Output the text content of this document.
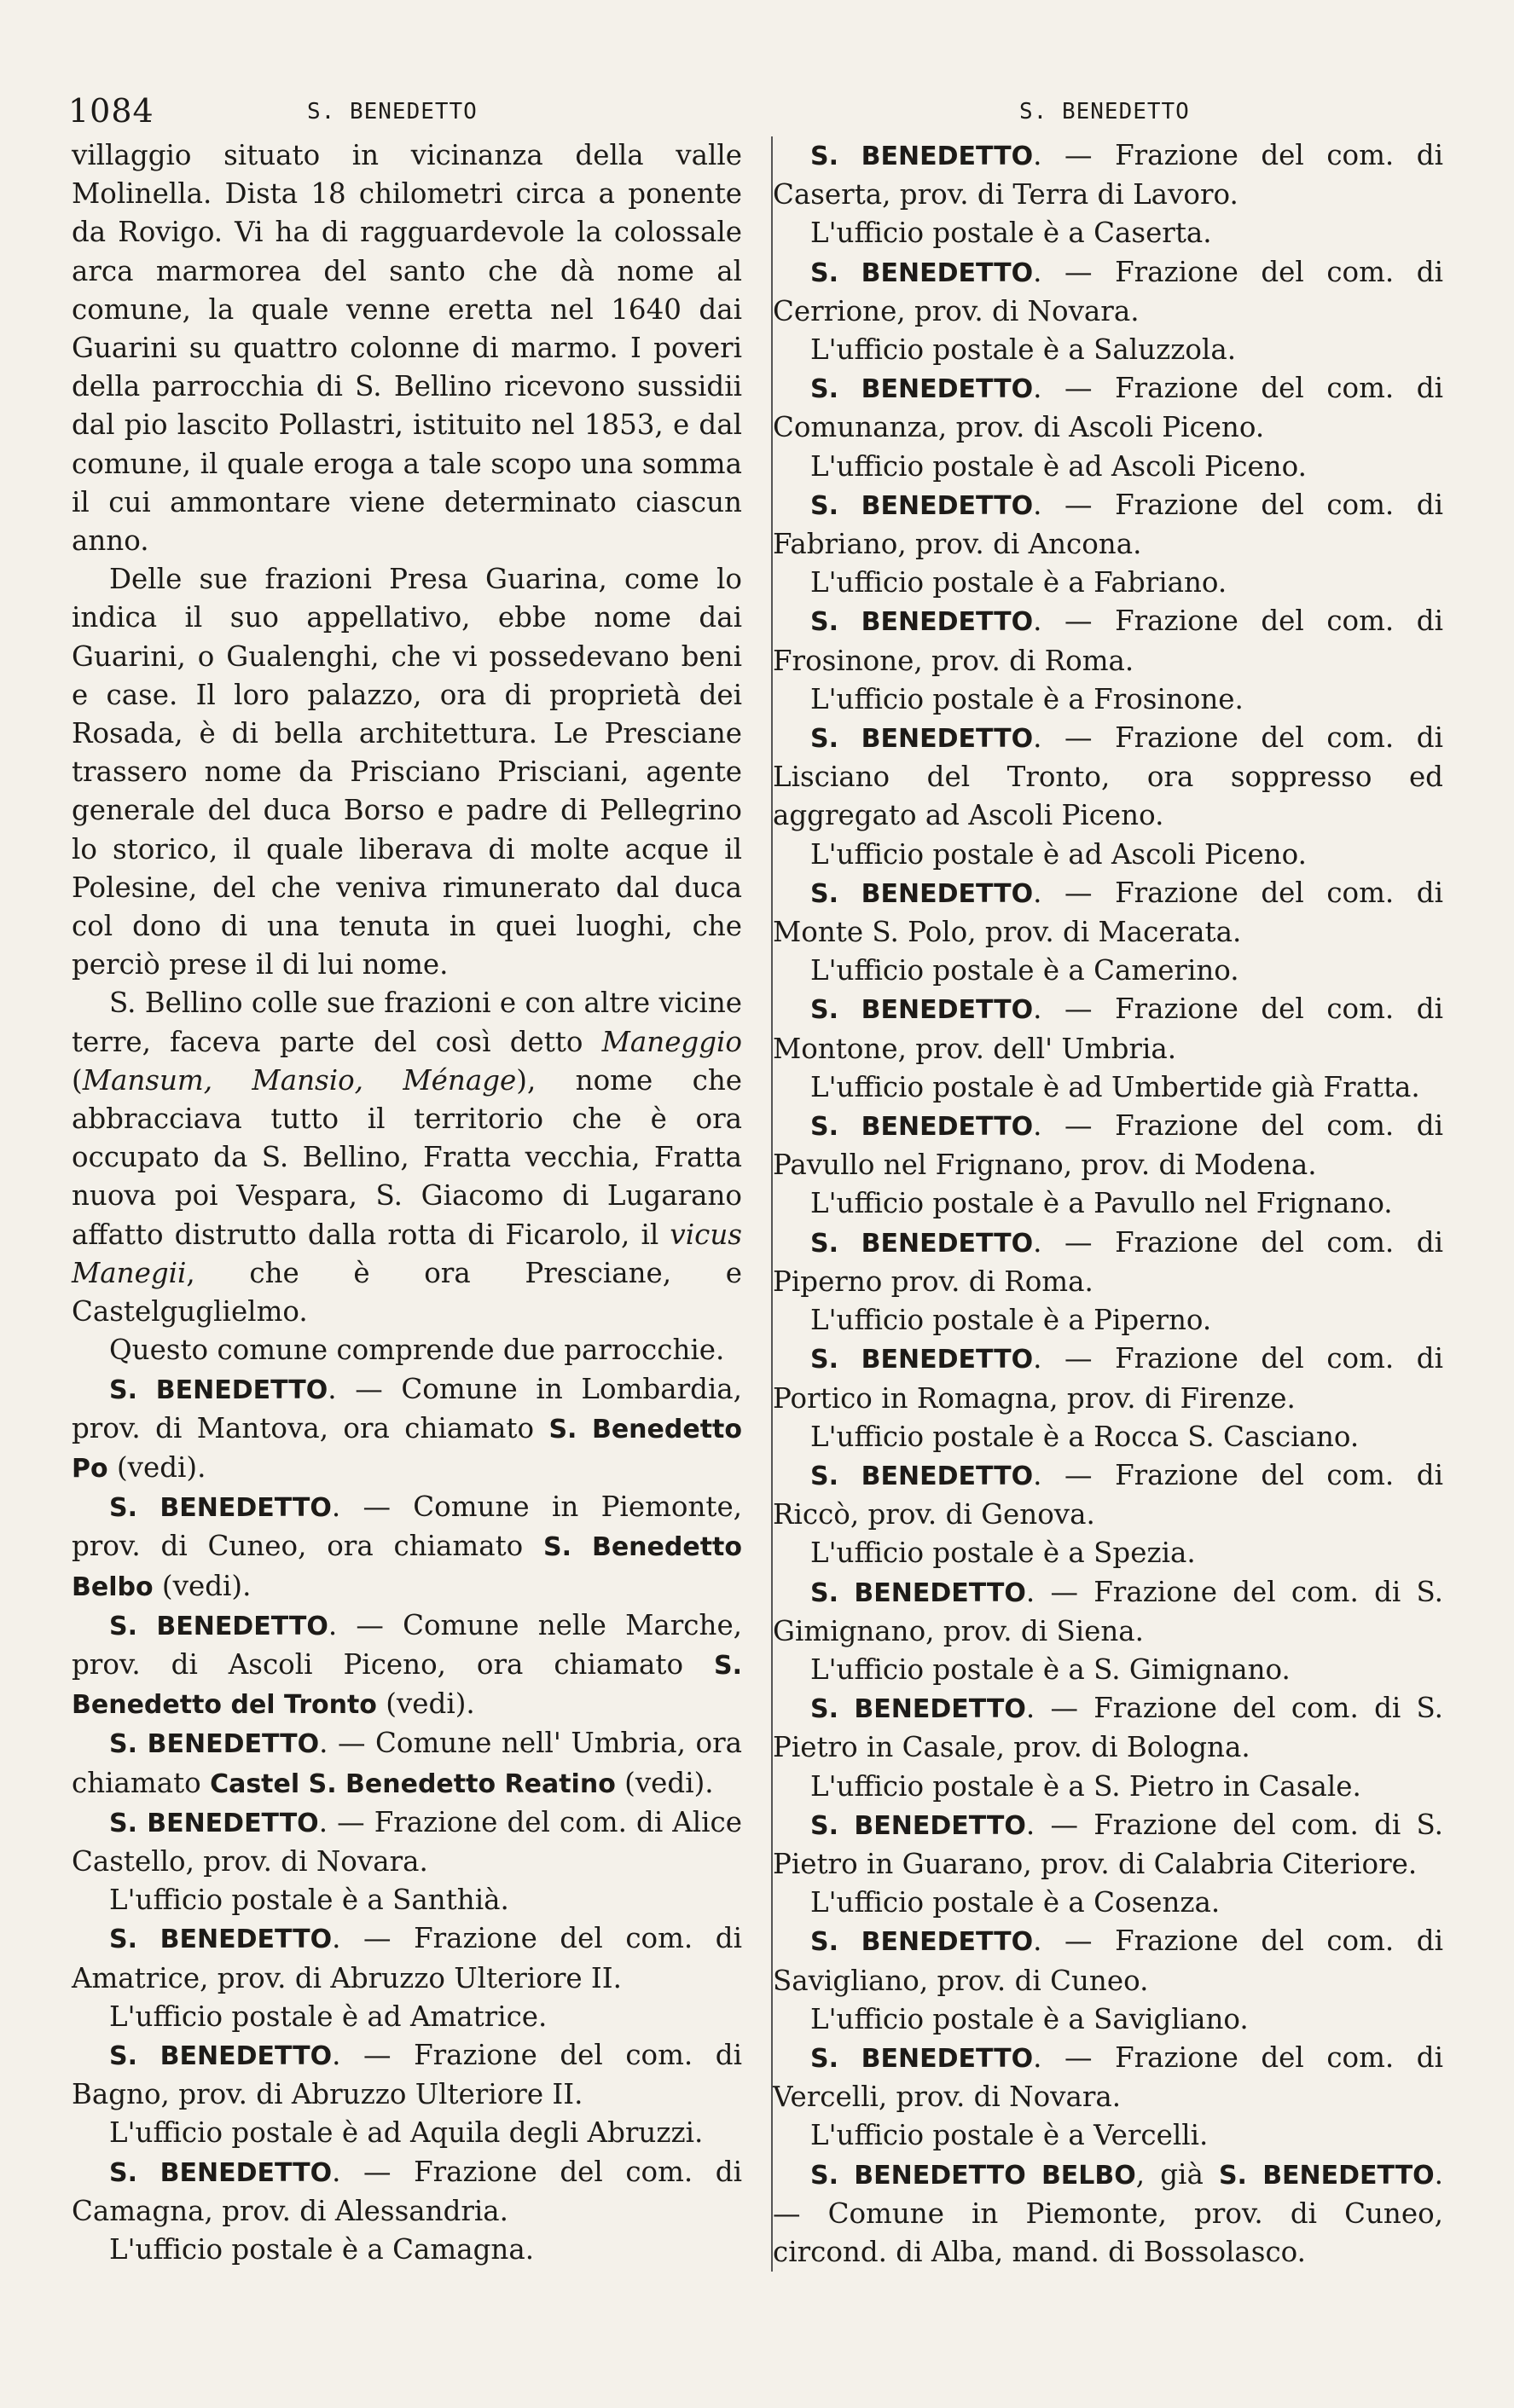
1084	S. BENEDETTO	S. BENEDETTO

villaggio situato in vicinanza della valle Molinella. Dista 18 chilometri circa a ponente da Rovigo. Vi ha di ragguardevole la colossale arca marmorea del santo che dà nome al comune, la quale venne eretta nel 1640 dai Guarini su quattro colonne di marmo. I poveri della parrocchia di S. Bellino ricevono sussidii dal pio lascito Pollastri, istituito nel 1853, e dal comune, il quale eroga a tale scopo una somma il cui ammontare viene determinato ciascun anno.

Delle sue frazioni Presa Guarina, come lo indica il suo appellativo, ebbe nome dai Guarini, o Gualenghi, che vi possedevano beni e case. Il loro palazzo, ora di proprietà dei Rosada, è di bella architettura. Le Presciane trassero nome da Prisciano Prisciani, agente generale del duca Borso e padre di Pellegrino lo storico, il quale liberava di molte acque il Polesine, del che veniva rimunerato dal duca col dono di una tenuta in quei luoghi, che perciò prese il di lui nome.

S. Bellino colle sue frazioni e con altre vicine terre, faceva parte del così detto Maneggio (Mansum, Mansio, Ménage), nome che abbracciava tutto il territorio che è ora occupato da S. Bellino, Fratta vecchia, Fratta nuova poi Vespara, S. Giacomo di Lugarano affatto distrutto dalla rotta di Ficarolo, il vicus Manegii, che è ora Presciane, e Castelguglielmo.

Questo comune comprende due parrocchie.

S. BENEDETTO. — Comune in Lombardia, prov. di Mantova, ora chiamato S. Benedetto Po (vedi).

S. BENEDETTO. — Comune in Piemonte, prov. di Cuneo, ora chiamato S. Benedetto Belbo (vedi).

S. BENEDETTO. — Comune nelle Marche, prov. di Ascoli Piceno, ora chiamato S. Benedetto del Tronto (vedi).

S. BENEDETTO. — Comune nell' Umbria, ora chiamato Castel S. Benedetto Reatino (vedi).

S. BENEDETTO. — Frazione del com. di Alice Castello, prov. di Novara.

L'ufficio postale è a Santhià.

S. BENEDETTO. — Frazione del com. di Amatrice, prov. di Abruzzo Ulteriore II.

L'ufficio postale è ad Amatrice.

S. BENEDETTO. — Frazione del com. di Bagno, prov. di Abruzzo Ulteriore II.

L'ufficio postale è ad Aquila degli Abruzzi.

S. BENEDETTO. — Frazione del com. di Camagna, prov. di Alessandria.

L'ufficio postale è a Camagna.

S. BENEDETTO. — Frazione del com. di Caserta, prov. di Terra di Lavoro.

L'ufficio postale è a Caserta.

S. BENEDETTO. — Frazione del com. di Cerrione, prov. di Novara.

L'ufficio postale è a Saluzzola.

S. BENEDETTO. — Frazione del com. di Comunanza, prov. di Ascoli Piceno.

L'ufficio postale è ad Ascoli Piceno.

S. BENEDETTO. — Frazione del com. di Fabriano, prov. di Ancona.

L'ufficio postale è a Fabriano.

S. BENEDETTO. — Frazione del com. di Frosinone, prov. di Roma.

L'ufficio postale è a Frosinone.

S. BENEDETTO. — Frazione del com. di Lisciano del Tronto, ora soppresso ed aggregato ad Ascoli Piceno.

L'ufficio postale è ad Ascoli Piceno.

S. BENEDETTO. — Frazione del com. di Monte S. Polo, prov. di Macerata.

L'ufficio postale è a Camerino.

S. BENEDETTO. — Frazione del com. di Montone, prov. dell' Umbria.

L'ufficio postale è ad Umbertide già Fratta.

S. BENEDETTO. — Frazione del com. di Pavullo nel Frignano, prov. di Modena.

L'ufficio postale è a Pavullo nel Frignano.

S. BENEDETTO. — Frazione del com. di Piperno prov. di Roma.

L'ufficio postale è a Piperno.

S. BENEDETTO. — Frazione del com. di Portico in Romagna, prov. di Firenze.

L'ufficio postale è a Rocca S. Casciano.

S. BENEDETTO. — Frazione del com. di Riccò, prov. di Genova.

L'ufficio postale è a Spezia.

S. BENEDETTO. — Frazione del com. di S. Gimignano, prov. di Siena.

L'ufficio postale è a S. Gimignano.

S. BENEDETTO. — Frazione del com. di S. Pietro in Casale, prov. di Bologna.

L'ufficio postale è a S. Pietro in Casale.

S. BENEDETTO. — Frazione del com. di S. Pietro in Guarano, prov. di Calabria Citeriore.

L'ufficio postale è a Cosenza.

S. BENEDETTO. — Frazione del com. di Savigliano, prov. di Cuneo.

L'ufficio postale è a Savigliano.

S. BENEDETTO. — Frazione del com. di Vercelli, prov. di Novara.

L'ufficio postale è a Vercelli.

S. BENEDETTO BELBO, già S. BENEDETTO. — Comune in Piemonte, prov. di Cuneo, circond. di Alba, mand. di Bossolasco.
